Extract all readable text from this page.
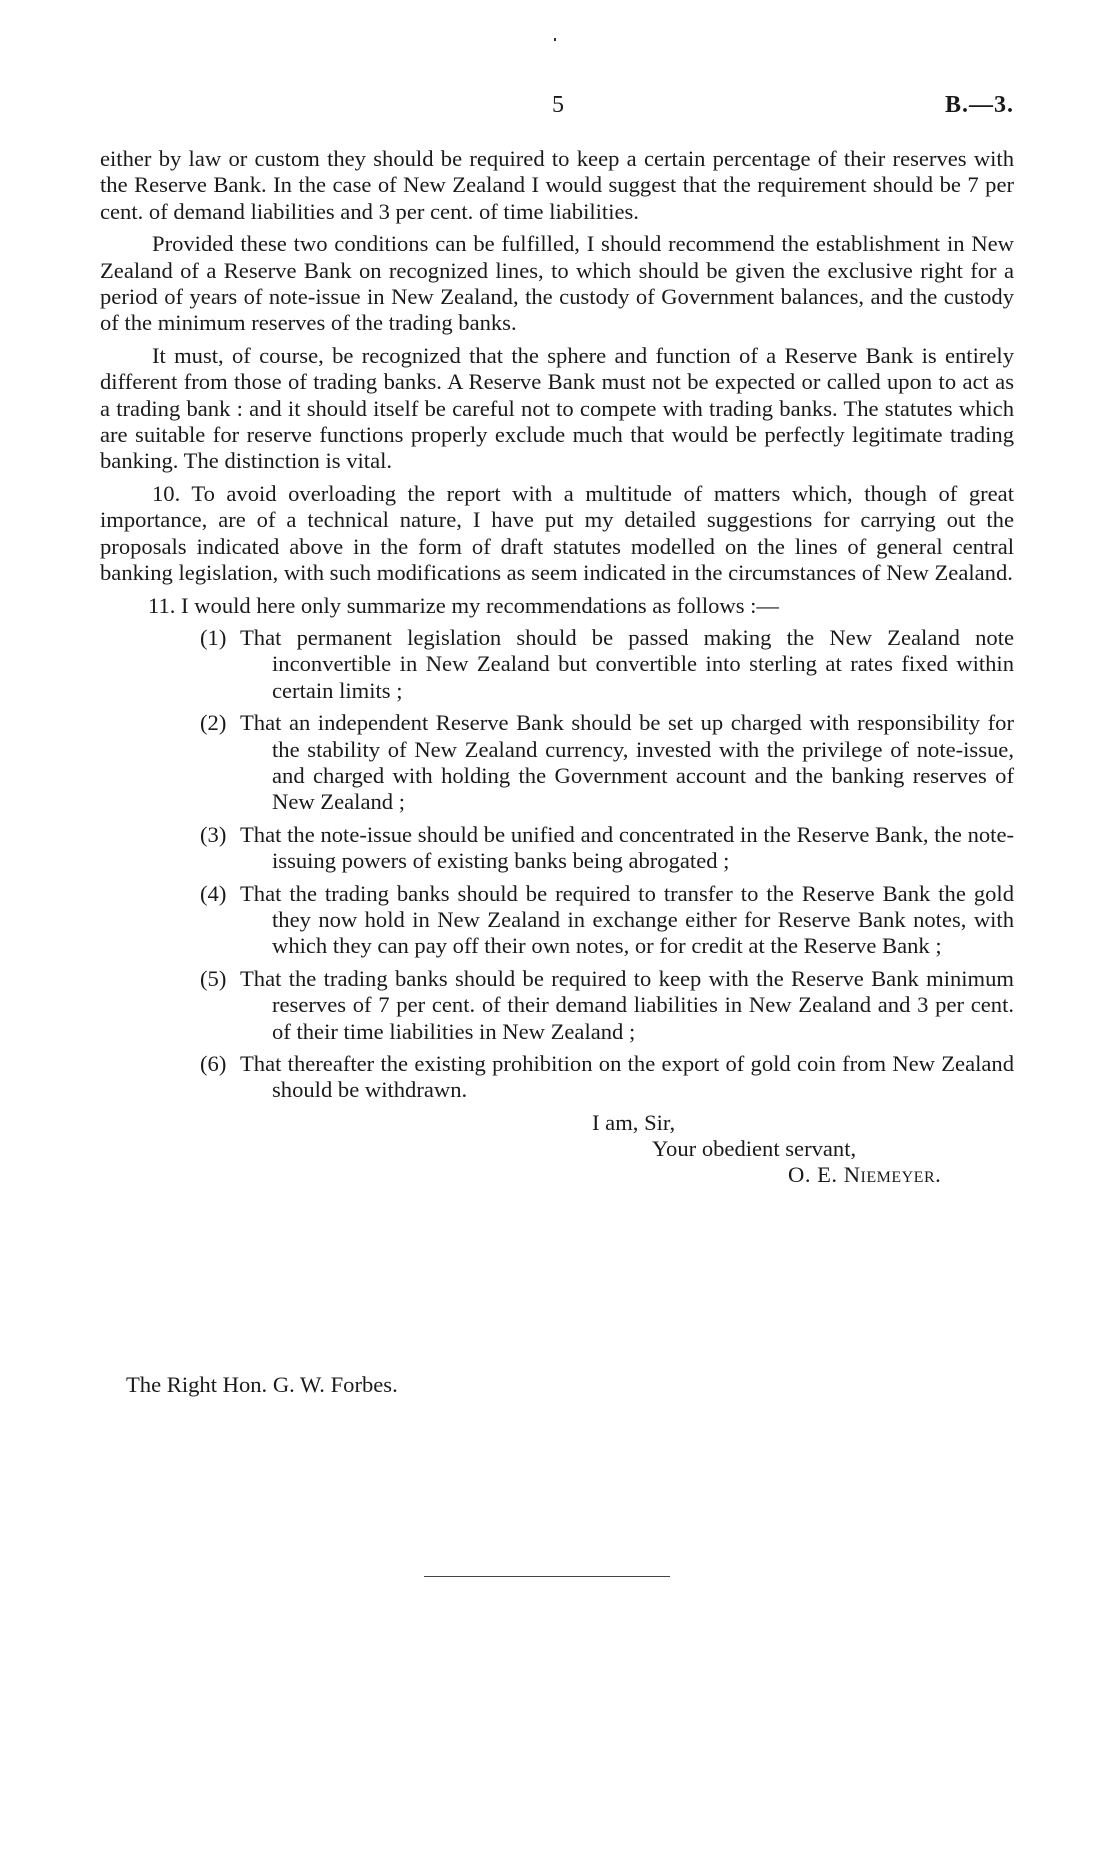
5	B.—3.

either by law or custom they should be required to keep a certain percentage of their reserves with the Reserve Bank. In the case of New Zealand I would suggest that the requirement should be 7 per cent. of demand liabilities and 3 per cent. of time liabilities.

Provided these two conditions can be fulfilled, I should recommend the establishment in New Zealand of a Reserve Bank on recognized lines, to which should be given the exclusive right for a period of years of note-issue in New Zealand, the custody of Government balances, and the custody of the minimum reserves of the trading banks.

It must, of course, be recognized that the sphere and function of a Reserve Bank is entirely different from those of trading banks. A Reserve Bank must not be expected or called upon to act as a trading bank : and it should itself be careful not to compete with trading banks. The statutes which are suitable for reserve functions properly exclude much that would be perfectly legitimate trading banking. The distinction is vital.

10. To avoid overloading the report with a multitude of matters which, though of great importance, are of a technical nature, I have put my detailed suggestions for carrying out the proposals indicated above in the form of draft statutes modelled on the lines of general central banking legislation, with such modifications as seem indicated in the circumstances of New Zealand.

11. I would here only summarize my recommendations as follows :—

(1) That permanent legislation should be passed making the New Zealand note inconvertible in New Zealand but convertible into sterling at rates fixed within certain limits ;
(2) That an independent Reserve Bank should be set up charged with responsibility for the stability of New Zealand currency, invested with the privilege of note-issue, and charged with holding the Government account and the banking reserves of New Zealand ;
(3) That the note-issue should be unified and concentrated in the Reserve Bank, the note-issuing powers of existing banks being abrogated ;
(4) That the trading banks should be required to transfer to the Reserve Bank the gold they now hold in New Zealand in exchange either for Reserve Bank notes, with which they can pay off their own notes, or for credit at the Reserve Bank ;
(5) That the trading banks should be required to keep with the Reserve Bank minimum reserves of 7 per cent. of their demand liabilities in New Zealand and 3 per cent. of their time liabilities in New Zealand ;
(6) That thereafter the existing prohibition on the export of gold coin from New Zealand should be withdrawn.
I am, Sir,
Your obedient servant,
O. E. Niemeyer.
The Right Hon. G. W. Forbes.
